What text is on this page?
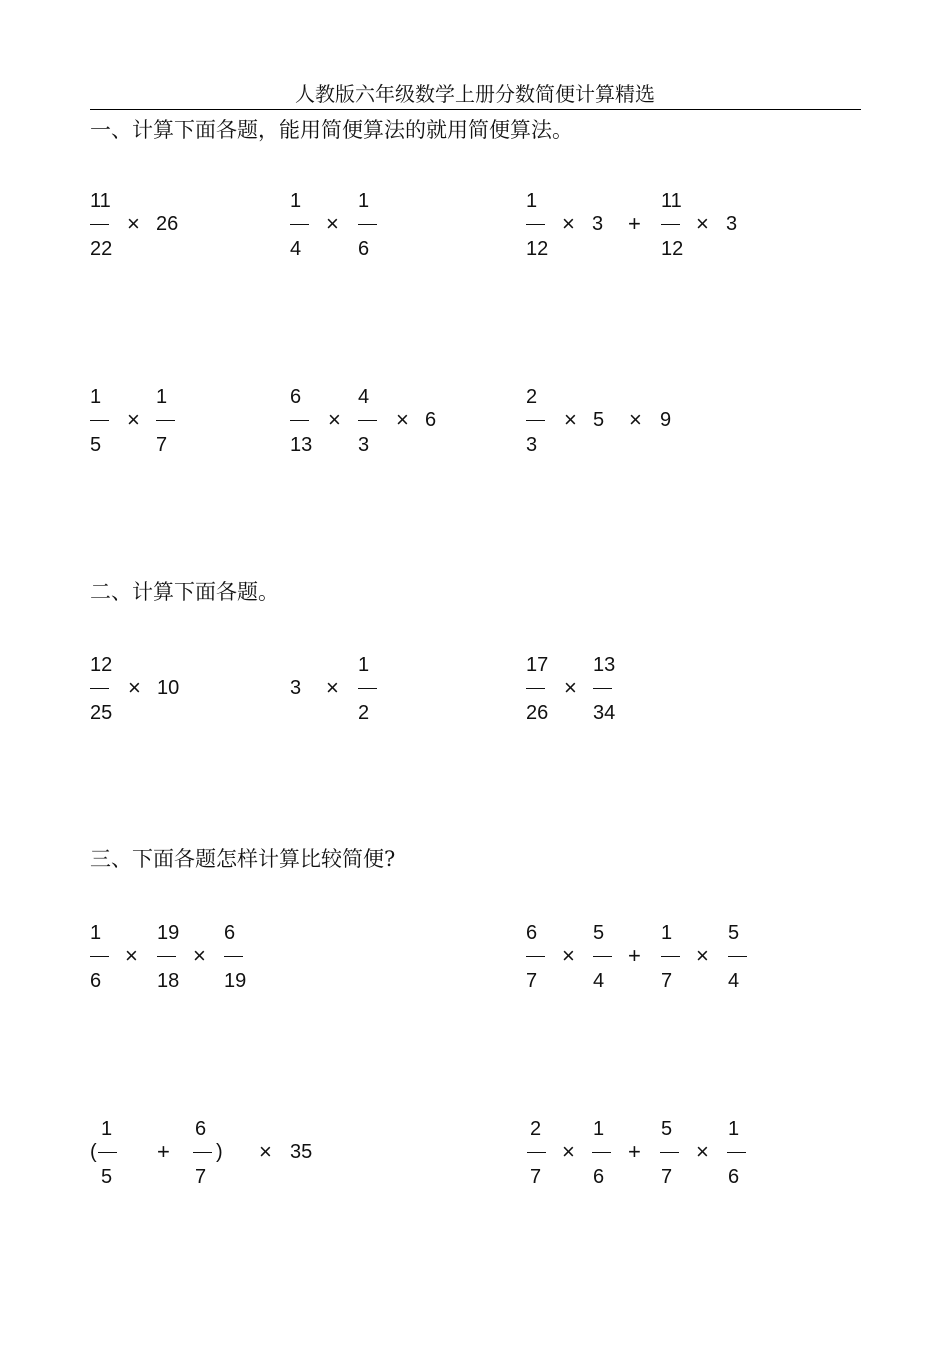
人教版六年级数学上册分数简便计算精选
一、计算下面各题，能用简便算法的就用简便算法。
二、计算下面各题。
三、下面各题怎样计算比较简便?
11
22
× 26
1
4
×
1
6
1
12
× 3 +
11
12
× 3
1
5
×
1
7
6
13
×
4
3
× 6
2
3
× 5 × 9
12
25
× 10	3 ×
1
2
17
26
×
13
34
1
6
×
19
18
×
6
19
6
7
×
5
4
+
1
7
×
5
4
(
1
5
+
6
7
) × 35
2
7
×
1
6
+
5
7
×
1
6
